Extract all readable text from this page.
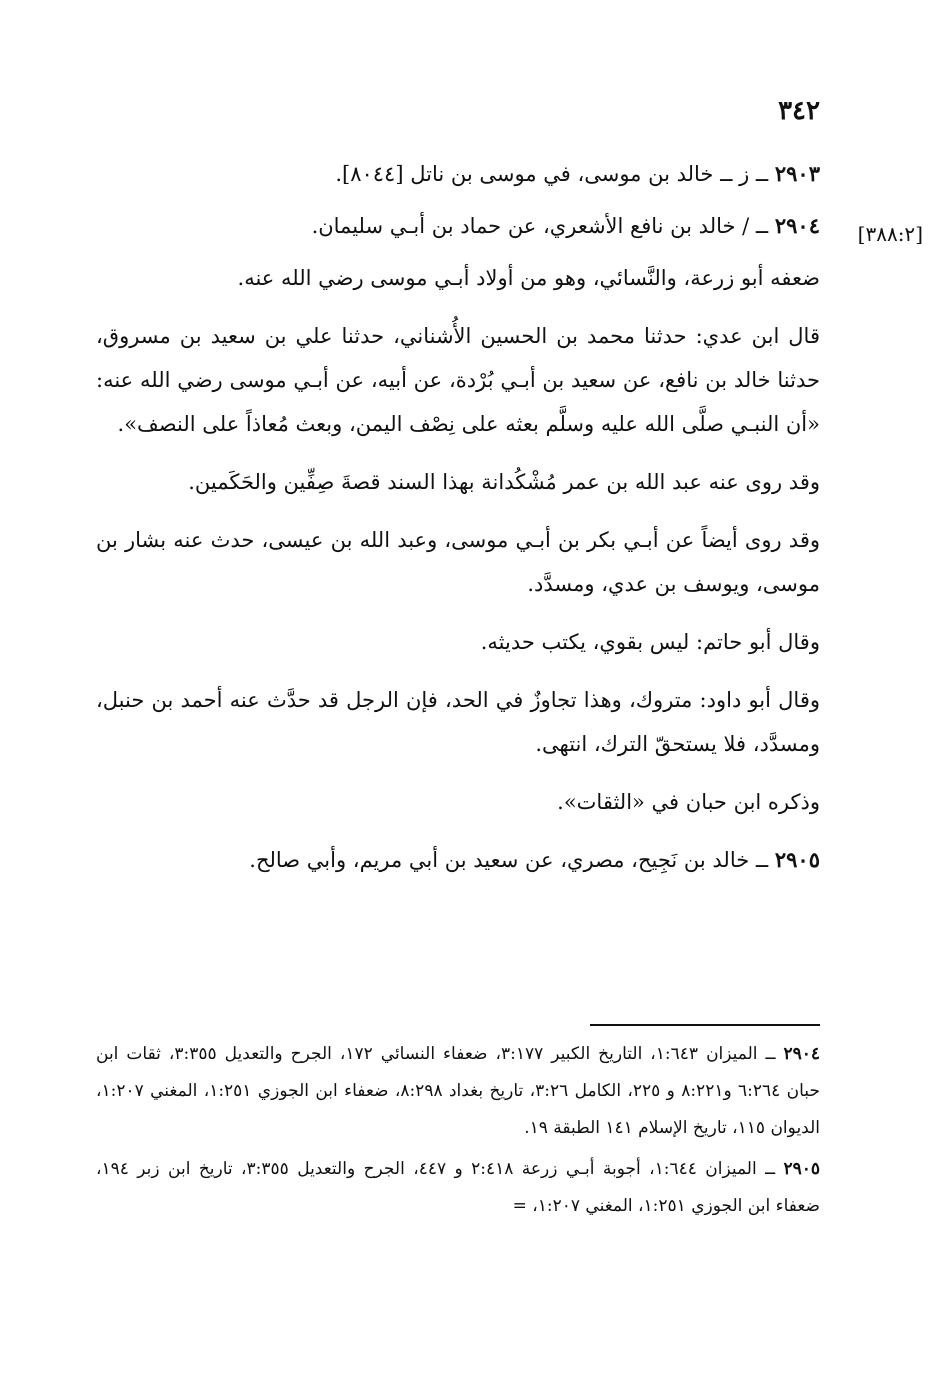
٣٤٢
[٣٨٨:٢]

٢٩٠٣ ــ ز ــ خالد بن موسى، في موسى بن ناتل [٨٠٤٤].

٢٩٠٤ ــ / خالد بن نافع الأشعري، عن حماد بن أبـي سليمان.

ضعفه أبو زرعة، والنَّسائي، وهو من أولاد أبـي موسى رضي الله عنه.

قال ابن عدي: حدثنا محمد بن الحسين الأُشناني، حدثنا علي بن سعيد بن مسروق، حدثنا خالد بن نافع، عن سعيد بن أبـي بُرْدة، عن أبيه، عن أبـي موسى رضي الله عنه: «أن النبـي صلَّى الله عليه وسلَّم بعثه على نِصْف اليمن، وبعث مُعاذاً على النصف».

وقد روى عنه عبد الله بن عمر مُشْكُدانة بهذا السند قصةَ صِفِّين والحَكَمين.

وقد روى أيضاً عن أبـي بكر بن أبـي موسى، وعبد الله بن عيسى، حدث عنه بشار بن موسى، ويوسف بن عدي، ومسدَّد.

وقال أبو حاتم: ليس بقوي، يكتب حديثه.

وقال أبو داود: متروك، وهذا تجاوزٌ في الحد، فإن الرجل قد حدَّث عنه أحمد بن حنبل، ومسدَّد، فلا يستحقّ الترك، انتهى.

وذكره ابن حبان في «الثقات».

٢٩٠٥ ــ خالد بن نَجِيح، مصري، عن سعيد بن أبي مريم، وأبي صالح.

٢٩٠٤ ــ الميزان ١:٦٤٣، التاريخ الكبير ٣:١٧٧، ضعفاء النسائي ١٧٢، الجرح والتعديل ٣:٣٥٥، ثقات ابن حبان ٦:٢٦٤ و٨:٢٢١ و ٢٢٥، الكامل ٣:٢٦، تاريخ بغداد ٨:٢٩٨، ضعفاء ابن الجوزي ١:٢٥١، المغني ١:٢٠٧، الديوان ١١٥، تاريخ الإسلام ١٤١ الطبقة ١٩.

٢٩٠٥ ــ الميزان ١:٦٤٤، أجوبة أبـي زرعة ٢:٤١٨ و ٤٤٧، الجرح والتعديل ٣:٣٥٥، تاريخ ابن زبر ١٩٤، ضعفاء ابن الجوزي ١:٢٥١، المغني ١:٢٠٧، =
